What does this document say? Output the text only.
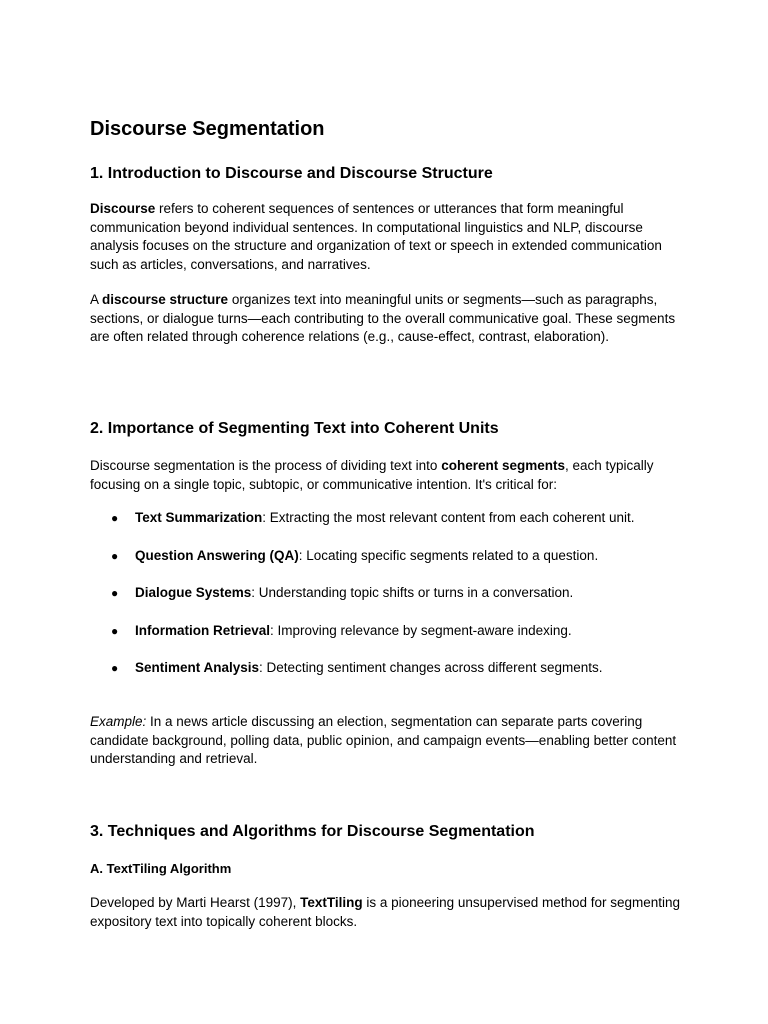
Discourse Segmentation
1. Introduction to Discourse and Discourse Structure

Discourse refers to coherent sequences of sentences or utterances that form meaningful communication beyond individual sentences. In computational linguistics and NLP, discourse analysis focuses on the structure and organization of text or speech in extended communication such as articles, conversations, and narratives.

A discourse structure organizes text into meaningful units or segments—such as paragraphs, sections, or dialogue turns—each contributing to the overall communicative goal. These segments are often related through coherence relations (e.g., cause-effect, contrast, elaboration).

2. Importance of Segmenting Text into Coherent Units

Discourse segmentation is the process of dividing text into coherent segments, each typically focusing on a single topic, subtopic, or communicative intention. It's critical for:

● Text Summarization: Extracting the most relevant content from each coherent unit.
● Question Answering (QA): Locating specific segments related to a question.
● Dialogue Systems: Understanding topic shifts or turns in a conversation.
● Information Retrieval: Improving relevance by segment-aware indexing.
● Sentiment Analysis: Detecting sentiment changes across different segments.

Example: In a news article discussing an election, segmentation can separate parts covering candidate background, polling data, public opinion, and campaign events—enabling better content understanding and retrieval.

3. Techniques and Algorithms for Discourse Segmentation
A. TextTiling Algorithm

Developed by Marti Hearst (1997), TextTiling is a pioneering unsupervised method for segmenting expository text into topically coherent blocks.
